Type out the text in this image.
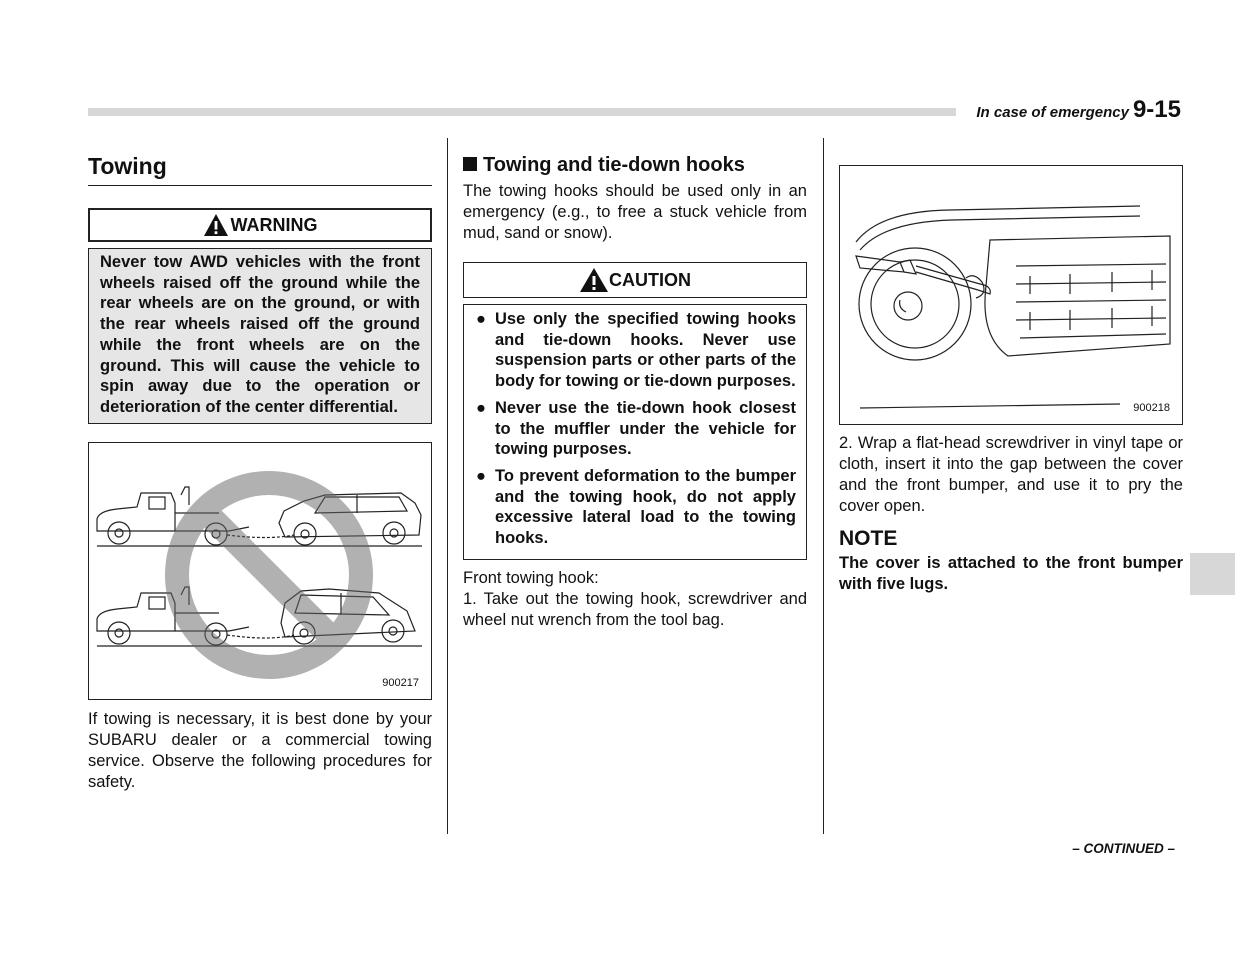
In case of emergency 9-15
Towing
WARNING
Never tow AWD vehicles with the front wheels raised off the ground while the rear wheels are on the ground, or with the rear wheels raised off the ground while the front wheels are on the ground. This will cause the vehicle to spin away due to the operation or deterioration of the center differential.
900217

If towing is necessary, it is best done by your SUBARU dealer or a commercial towing service. Observe the following procedures for safety.

Towing and tie-down hooks

The towing hooks should be used only in an emergency (e.g., to free a stuck vehicle from mud, sand or snow).

CAUTION
● Use only the specified towing hooks and tie-down hooks. Never use suspension parts or other parts of the body for towing or tie-down purposes.
● Never use the tie-down hook closest to the muffler under the vehicle for towing purposes.
● To prevent deformation to the bumper and the towing hook, do not apply excessive lateral load to the towing hooks.

Front towing hook:

1. Take out the towing hook, screwdriver and wheel nut wrench from the tool bag.

900218

2. Wrap a flat-head screwdriver in vinyl tape or cloth, insert it into the gap between the cover and the front bumper, and use it to pry the cover open.

NOTE

The cover is attached to the front bumper with five lugs.

– CONTINUED –
